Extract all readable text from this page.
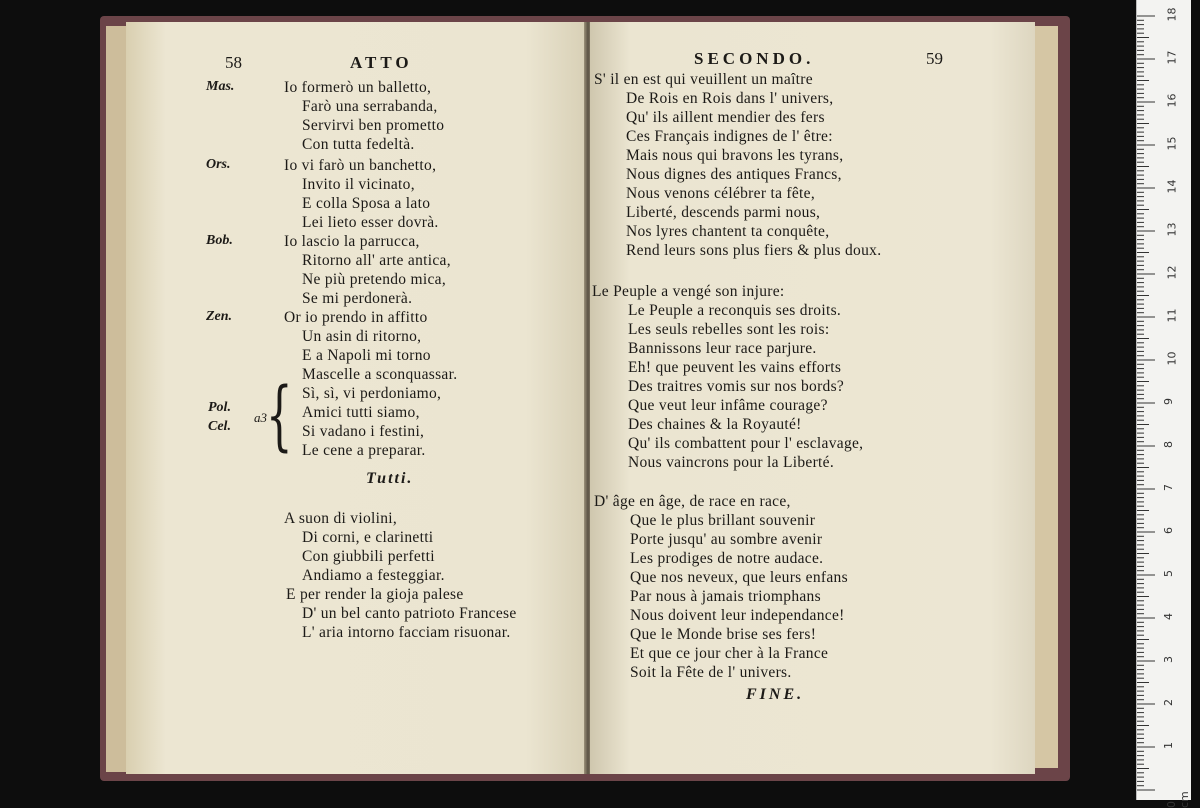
58	ATTO
Mas.
Ors.
Bob.
Zen.
Pol.
Cel.
a3 {
Io formerò un balletto,
Farò una serrabanda,
Servirvi ben prometto
Con tutta fedeltà.
Io vi farò un banchetto,
Invito il vicinato,
E colla Sposa a lato
Lei lieto esser dovrà.
Io lascio la parrucca,
Ritorno all' arte antica,
Ne più pretendo mica,
Se mi perdonerà.
Or io prendo in affitto
Un asin di ritorno,
E a Napoli mi torno
Mascelle a sconquassar.
Sì, sì, vi perdoniamo,
Amici tutti siamo,
Si vadano i festini,
Le cene a preparar.
Tutti.
A suon di violini,
Di corni, e clarinetti
Con giubbili perfetti
Andiamo a festeggiar.
E per render la gioja palese
D' un bel canto patrioto Francese
L' aria intorno facciam risuonar.
SECONDO.	59
S' il en est qui veuillent un maître
De Rois en Rois dans l' univers,
Qu' ils aillent mendier des fers
Ces Français indignes de l' être:
Mais nous qui bravons les tyrans,
Nous dignes des antiques Francs,
Nous venons célébrer ta fête,
Liberté, descends parmi nous,
Nos lyres chantent ta conquête,
Rend leurs sons plus fiers & plus doux.
Le Peuple a vengé son injure:
Le Peuple a reconquis ses droits.
Les seuls rebelles sont les rois:
Bannissons leur race parjure.
Eh! que peuvent les vains efforts
Des traitres vomis sur nos bords?
Que veut leur infâme courage?
Des chaines & la Royauté!
Qu' ils combattent pour l' esclavage,
Nous vaincrons pour la Liberté.
D' âge en âge, de race en race,
Que le plus brillant souvenir
Porte jusqu' au sombre avenir
Les prodiges de notre audace.
Que nos neveux, que leurs enfans
Par nous à jamais triomphans
Nous doivent leur independance!
Que le Monde brise ses fers!
Et que ce jour cher à la France
Soit la Fête de l' univers.
FINE.
0 cm
1
2
3
4
5
6
7
8
9
10
11
12
13
14
15
16
17
18
